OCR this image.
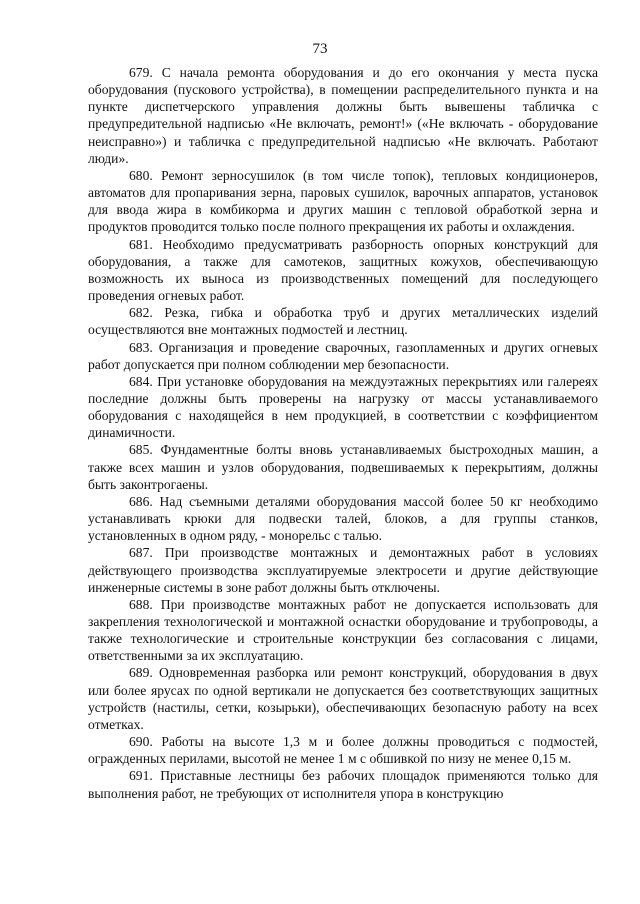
73

679. С начала ремонта оборудования и до его окончания у места пуска оборудования (пускового устройства), в помещении распределительного пункта и на пункте диспетчерского управления должны быть вывешены табличка с предупредительной надписью «Не включать, ремонт!» («Не включать - оборудование неисправно») и табличка с предупредительной надписью «Не включать. Работают люди».

680. Ремонт зерносушилок (в том числе топок), тепловых кондиционеров, автоматов для пропаривания зерна, паровых сушилок, варочных аппаратов, установок для ввода жира в комбикорма и других машин с тепловой обработкой зерна и продуктов проводится только после полного прекращения их работы и охлаждения.

681. Необходимо предусматривать разборность опорных конструкций для оборудования, а также для самотеков, защитных кожухов, обеспечивающую возможность их выноса из производственных помещений для последующего проведения огневых работ.

682. Резка, гибка и обработка труб и других металлических изделий осуществляются вне монтажных подмостей и лестниц.

683. Организация и проведение сварочных, газопламенных и других огневых работ допускается при полном соблюдении мер безопасности.

684. При установке оборудования на междуэтажных перекрытиях или галереях последние должны быть проверены на нагрузку от массы устанавливаемого оборудования с находящейся в нем продукцией, в соответствии с коэффициентом динамичности.

685. Фундаментные болты вновь устанавливаемых быстроходных машин, а также всех машин и узлов оборудования, подвешиваемых к перекрытиям, должны быть законтрогаены.

686. Над съемными деталями оборудования массой более 50 кг необходимо устанавливать крюки для подвески талей, блоков, а для группы станков, установленных в одном ряду, - монорельс с талью.

687. При производстве монтажных и демонтажных работ в условиях действующего производства эксплуатируемые электросети и другие действующие инженерные системы в зоне работ должны быть отключены.

688. При производстве монтажных работ не допускается использовать для закрепления технологической и монтажной оснастки оборудование и трубопроводы, а также технологические и строительные конструкции без согласования с лицами, ответственными за их эксплуатацию.

689. Одновременная разборка или ремонт конструкций, оборудования в двух или более ярусах по одной вертикали не допускается без соответствующих защитных устройств (настилы, сетки, козырьки), обеспечивающих безопасную работу на всех отметках.

690. Работы на высоте 1,3 м и более должны проводиться с подмостей, огражденных перилами, высотой не менее 1 м с обшивкой по низу не менее 0,15 м.

691. Приставные лестницы без рабочих площадок применяются только для выполнения работ, не требующих от исполнителя упора в конструкцию
